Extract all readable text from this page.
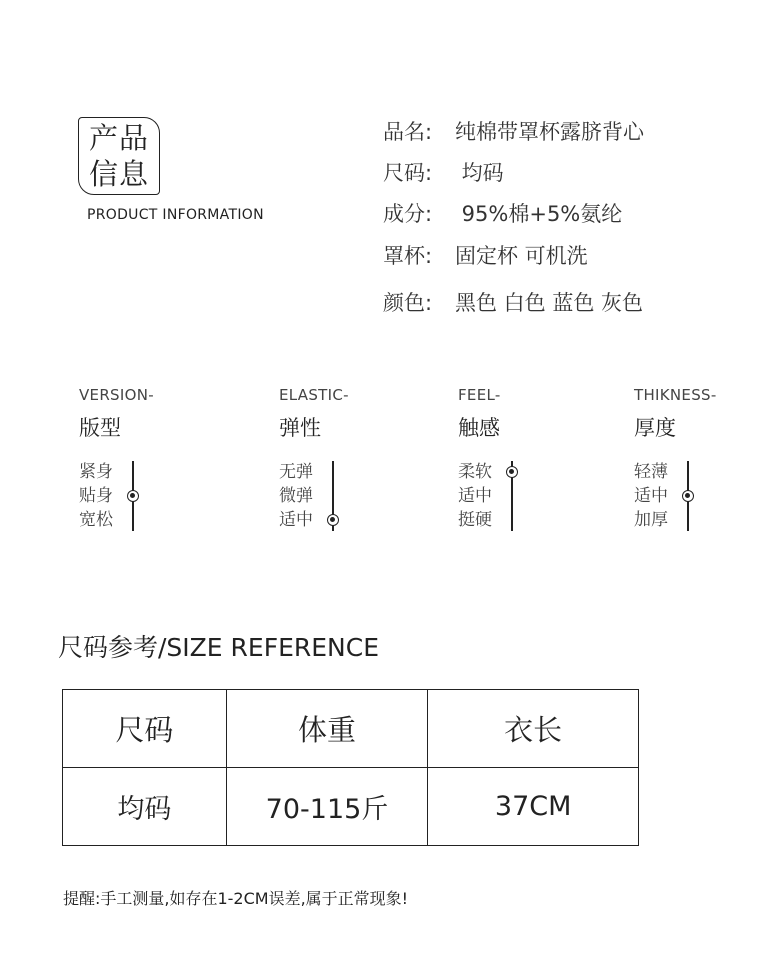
产品
信息
PRODUCT INFORMATION
品名: 纯棉带罩杯露脐背心
尺码: 均码
成分: 95%棉+5%氨纶
罩杯: 固定杯 可机洗
颜色: 黑色 白色 蓝色 灰色
VERSION-
版型
紧身
贴身
宽松
ELASTIC-
弹性
无弹
微弹
适中
FEEL-
触感
柔软
适中
挺硬
THIKNESS-
厚度
轻薄
适中
加厚
尺码参考/SIZE REFERENCE
尺码	体重	衣长
均码	70-115斤	37CM
提醒:手工测量,如存在1-2CM误差,属于正常现象!
